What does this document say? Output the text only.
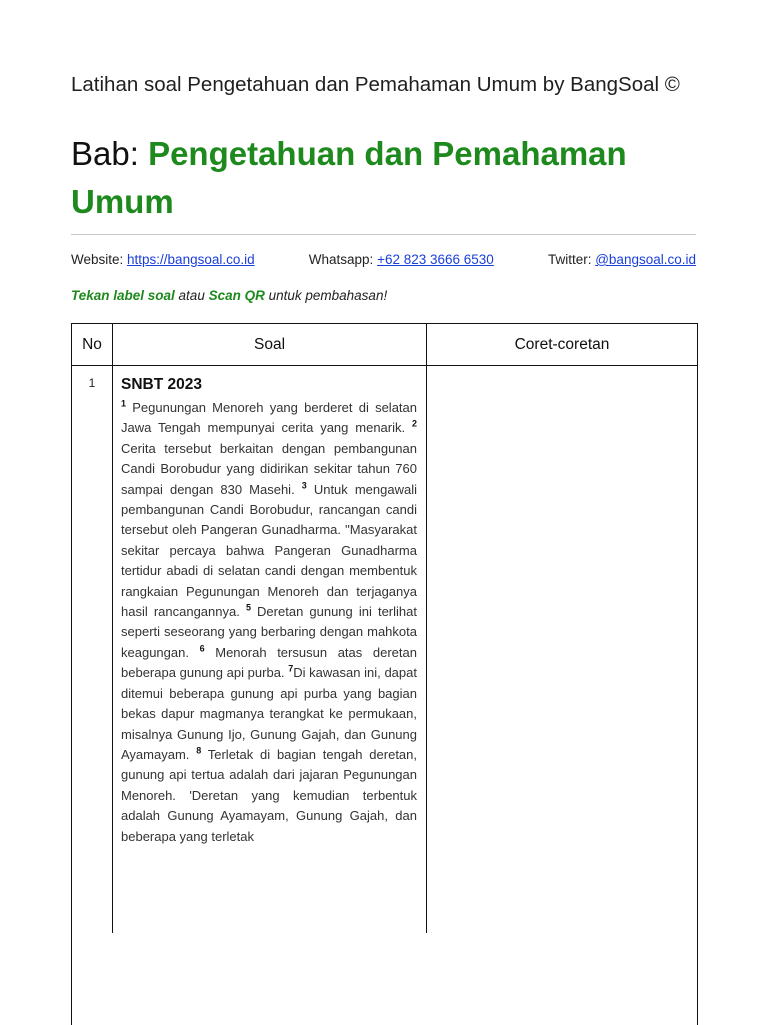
Latihan soal Pengetahuan dan Pemahaman Umum by BangSoal ©
Bab: Pengetahuan dan Pemahaman Umum
Website: https://bangsoal.co.id	Whatsapp: +62 823 3666 6530	Twitter: @bangsoal.co.id
Tekan label soal atau Scan QR untuk pembahasan!
No	Soal	Coret-coretan
1	SNBT 2023

$^1$ Pegunungan Menoreh yang berderet di selatan Jawa Tengah mempunyai cerita yang menarik. $^2$ Cerita tersebut berkaitan dengan pembangunan Candi Borobudur yang didirikan sekitar tahun 760 sampai dengan 830 Masehi. $^3$ Untuk mengawali pembangunan Candi Borobudur, rancangan candi tersebut oleh Pangeran Gunadharma. "Masyarakat sekitar percaya bahwa Pangeran Gunadharma tertidur abadi di selatan candi dengan membentuk rangkaian Pegunungan Menoreh dan terjaganya hasil rancangannya. $^5$ Deretan gunung ini terlihat seperti seseorang yang berbaring dengan mahkota keagungan. $^6$ Menorah tersusun atas deretan beberapa gunung api purba. $^7$Di kawasan ini, dapat ditemui beberapa gunung api purba yang bagian bekas dapur magmanya terangkat ke permukaan, misalnya Gunung Ijo, Gunung Gajah, dan Gunung Ayamayam. $^8$ Terletak di bagian tengah deretan, gunung api tertua adalah dari jajaran Pegunungan Menoreh. 'Deretan yang kemudian terbentuk adalah Gunung Ayamayam, Gunung Gajah, dan beberapa yang terletak
